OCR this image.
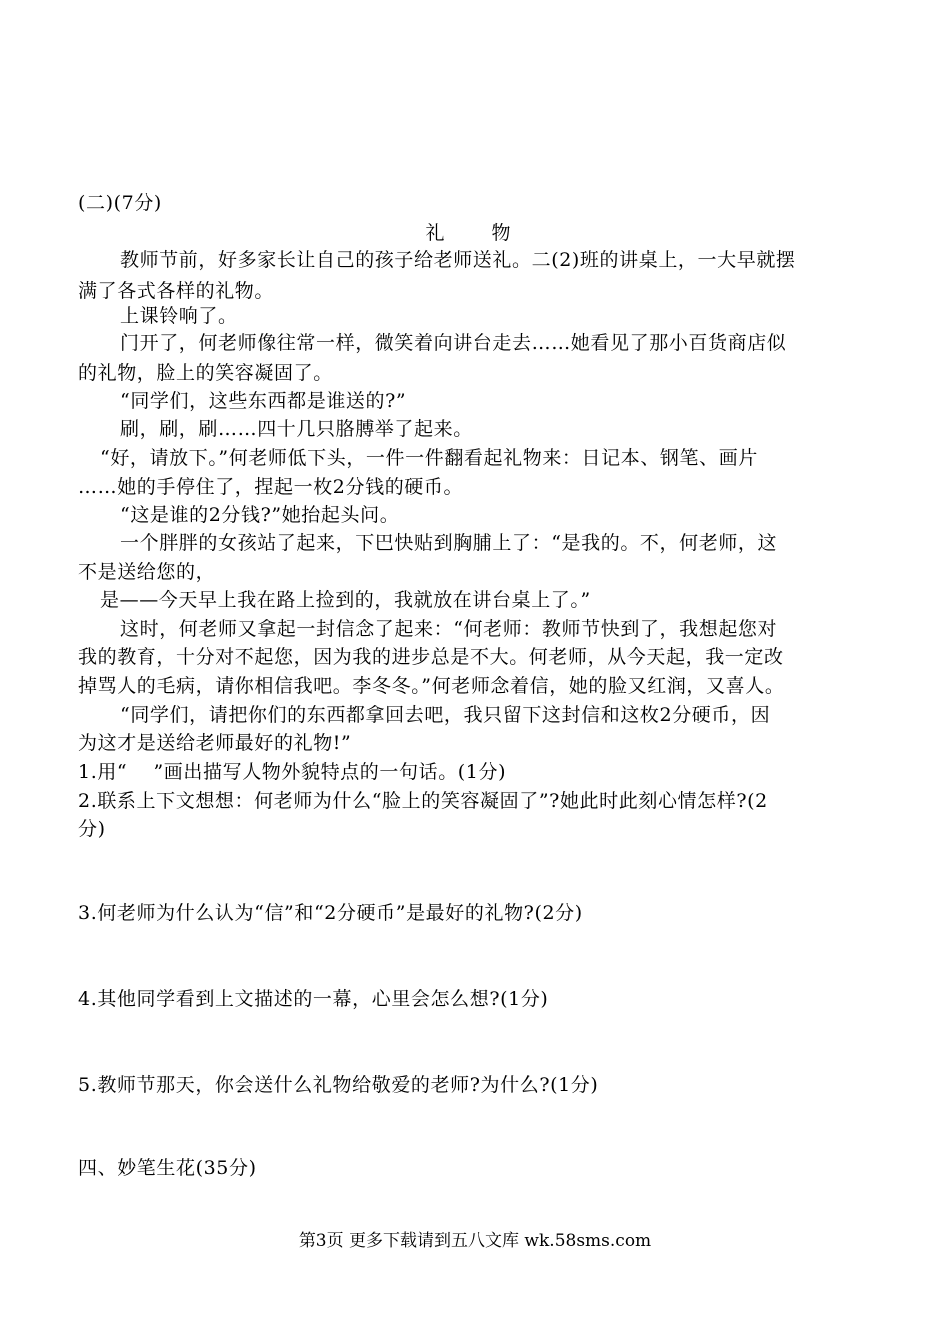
(二)(7分)
礼　物
教师节前，好多家长让自己的孩子给老师送礼。二(2)班的讲桌上，一大早就摆
满了各式各样的礼物。
上课铃响了。
门开了，何老师像往常一样，微笑着向讲台走去……她看见了那小百货商店似
的礼物，脸上的笑容凝固了。
“同学们，这些东西都是谁送的?”
刷，刷，刷……四十几只胳膊举了起来。
“好，请放下。”何老师低下头，一件一件翻看起礼物来：日记本、钢笔、画片
……她的手停住了，捏起一枚2分钱的硬币。
“这是谁的2分钱?”她抬起头问。
一个胖胖的女孩站了起来，下巴快贴到胸脯上了：“是我的。不，何老师，这
不是送给您的，
是——今天早上我在路上捡到的，我就放在讲台桌上了。”
这时，何老师又拿起一封信念了起来：“何老师：教师节快到了，我想起您对
我的教育，十分对不起您，因为我的进步总是不大。何老师，从今天起，我一定改
掉骂人的毛病，请你相信我吧。李冬冬。”何老师念着信，她的脸又红润，又喜人。
“同学们，请把你们的东西都拿回去吧，我只留下这封信和这枚2分硬币，因
为这才是送给老师最好的礼物!”
1.用“　 ”画出描写人物外貌特点的一句话。(1分)
2.联系上下文想想：何老师为什么“脸上的笑容凝固了”?她此时此刻心情怎样?(2
分)
3.何老师为什么认为“信”和“2分硬币”是最好的礼物?(2分)
4.其他同学看到上文描述的一幕，心里会怎么想?(1分)
5.教师节那天，你会送什么礼物给敬爱的老师?为什么?(1分)
四、妙笔生花(35分)
第3页 更多下载请到五八文库 wk.58sms.com
